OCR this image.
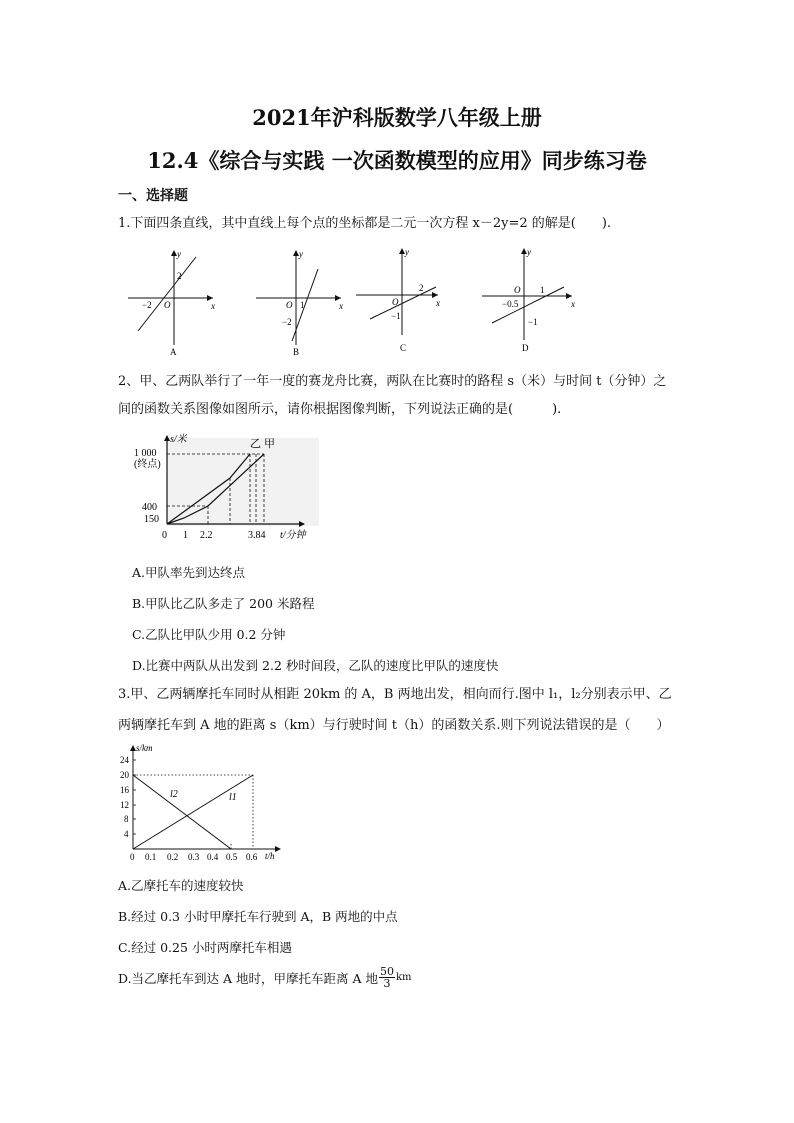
2021年沪科版数学八年级上册
12.4《综合与实践 一次函数模型的应用》同步练习卷
一、选择题
1.下面四条直线，其中直线上每个点的坐标都是二元一次方程 x－2y=2 的解是(　　).
y
x
O
2
−2
A
y
x
O 1
−2
B
y
x
O
2
−1
C
y
x
O
−0.5
1
−1
D
2、甲、乙两队举行了一年一度的赛龙舟比赛，两队在比赛时的路程 s（米）与时间 t（分钟）之
间的函数关系图像如图所示，请你根据图像判断，下列说法正确的是(　　　).
s/米
1 000
(终点)
400
150
0 1 2.2	3.84 t/分钟
乙 甲
A.甲队率先到达终点
B.甲队比乙队多走了 200 米路程
C.乙队比甲队少用 0.2 分钟
D.比赛中两队从出发到 2.2 秒时间段，乙队的速度比甲队的速度快
3.甲、乙两辆摩托车同时从相距 20km 的 A，B 两地出发，相向而行.图中 l₁，l₂分别表示甲、乙
两辆摩托车到 A 地的距离 s（km）与行驶时间 t（h）的函数关系.则下列说法错误的是（　　）
s/km
24
20
16
12
8
4
0 0.1 0.2 0.3 0.4 0.5 0.6 t/h
l2	l1
A.乙摩托车的速度较快
B.经过 0.3 小时甲摩托车行驶到 A，B 两地的中点
C.经过 0.25 小时两摩托车相遇
D.当乙摩托车到达 A 地时，甲摩托车距离 A 地 $\frac{50}{3}$ km
